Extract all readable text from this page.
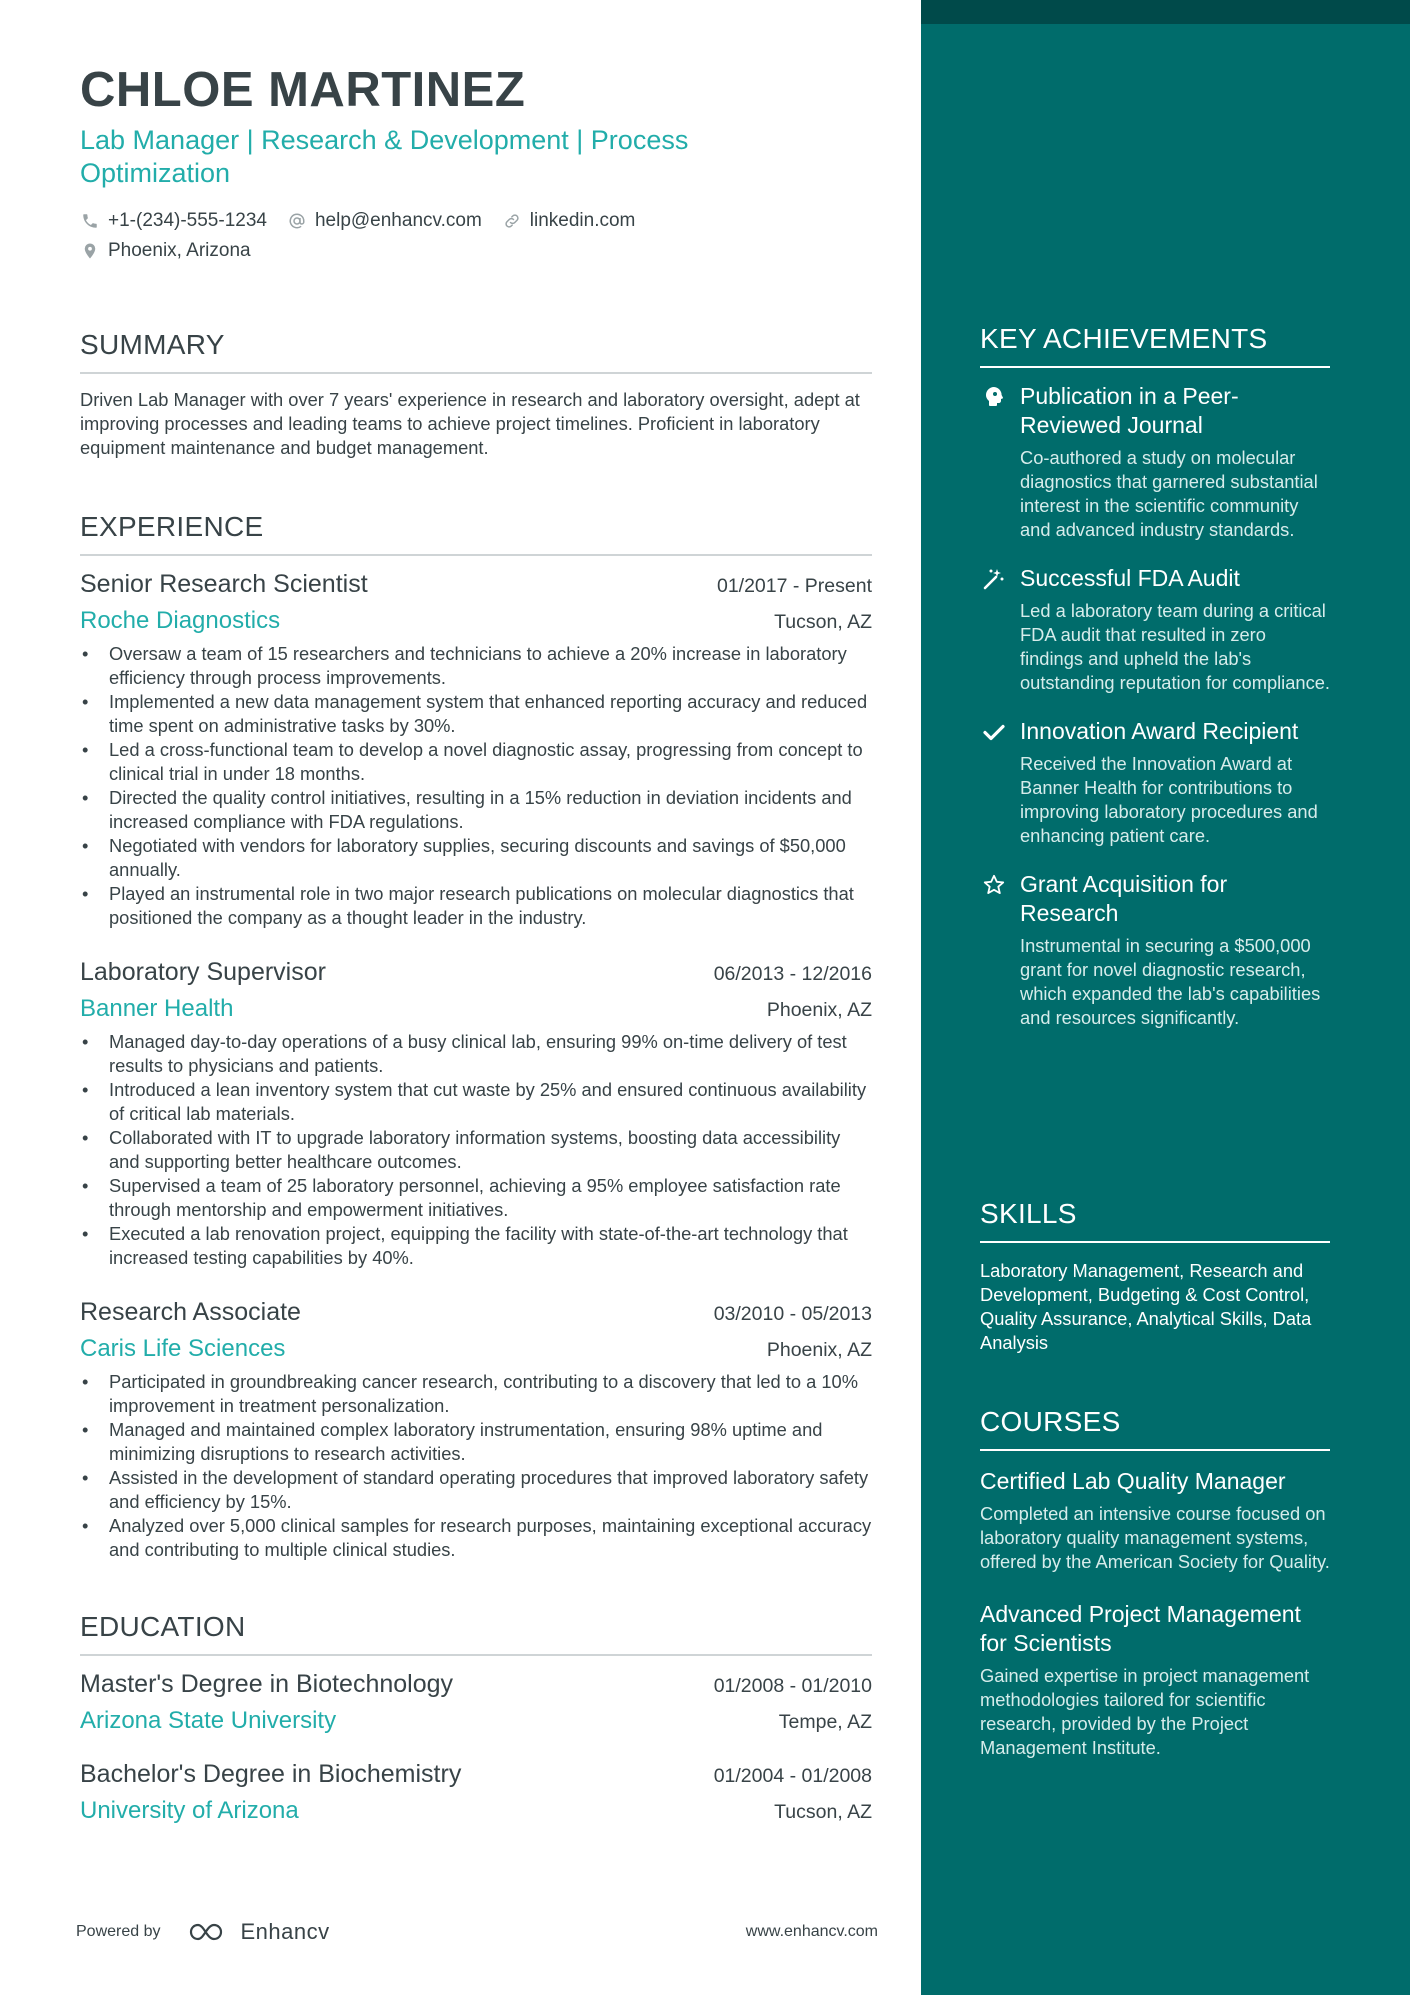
CHLOE MARTINEZ
Lab Manager | Research & Development | Process Optimization
+1-(234)-555-1234	help@enhancv.com	linkedin.com
Phoenix, Arizona
SUMMARY
Driven Lab Manager with over 7 years' experience in research and laboratory oversight, adept at improving processes and leading teams to achieve project timelines. Proficient in laboratory equipment maintenance and budget management.
EXPERIENCE
Senior Research Scientist	01/2017 - Present
Roche Diagnostics	Tucson, AZ
• Oversaw a team of 15 researchers and technicians to achieve a 20% increase in laboratory efficiency through process improvements.
• Implemented a new data management system that enhanced reporting accuracy and reduced time spent on administrative tasks by 30%.
• Led a cross-functional team to develop a novel diagnostic assay, progressing from concept to clinical trial in under 18 months.
• Directed the quality control initiatives, resulting in a 15% reduction in deviation incidents and increased compliance with FDA regulations.
• Negotiated with vendors for laboratory supplies, securing discounts and savings of $50,000 annually.
• Played an instrumental role in two major research publications on molecular diagnostics that positioned the company as a thought leader in the industry.
Laboratory Supervisor	06/2013 - 12/2016
Banner Health	Phoenix, AZ
• Managed day-to-day operations of a busy clinical lab, ensuring 99% on-time delivery of test results to physicians and patients.
• Introduced a lean inventory system that cut waste by 25% and ensured continuous availability of critical lab materials.
• Collaborated with IT to upgrade laboratory information systems, boosting data accessibility and supporting better healthcare outcomes.
• Supervised a team of 25 laboratory personnel, achieving a 95% employee satisfaction rate through mentorship and empowerment initiatives.
• Executed a lab renovation project, equipping the facility with state-of-the-art technology that increased testing capabilities by 40%.
Research Associate	03/2010 - 05/2013
Caris Life Sciences	Phoenix, AZ
• Participated in groundbreaking cancer research, contributing to a discovery that led to a 10% improvement in treatment personalization.
• Managed and maintained complex laboratory instrumentation, ensuring 98% uptime and minimizing disruptions to research activities.
• Assisted in the development of standard operating procedures that improved laboratory safety and efficiency by 15%.
• Analyzed over 5,000 clinical samples for research purposes, maintaining exceptional accuracy and contributing to multiple clinical studies.
EDUCATION
Master's Degree in Biotechnology	01/2008 - 01/2010
Arizona State University	Tempe, AZ
Bachelor's Degree in Biochemistry	01/2004 - 01/2008
University of Arizona	Tucson, AZ
Powered by	Enhancv	www.enhancv.com
KEY ACHIEVEMENTS
Publication in a Peer-Reviewed Journal
Co-authored a study on molecular diagnostics that garnered substantial interest in the scientific community and advanced industry standards.
Successful FDA Audit
Led a laboratory team during a critical FDA audit that resulted in zero findings and upheld the lab's outstanding reputation for compliance.
Innovation Award Recipient
Received the Innovation Award at Banner Health for contributions to improving laboratory procedures and enhancing patient care.
Grant Acquisition for Research
Instrumental in securing a $500,000 grant for novel diagnostic research, which expanded the lab's capabilities and resources significantly.
SKILLS
Laboratory Management, Research and Development, Budgeting & Cost Control, Quality Assurance, Analytical Skills, Data Analysis
COURSES
Certified Lab Quality Manager
Completed an intensive course focused on laboratory quality management systems, offered by the American Society for Quality.
Advanced Project Management for Scientists
Gained expertise in project management methodologies tailored for scientific research, provided by the Project Management Institute.
